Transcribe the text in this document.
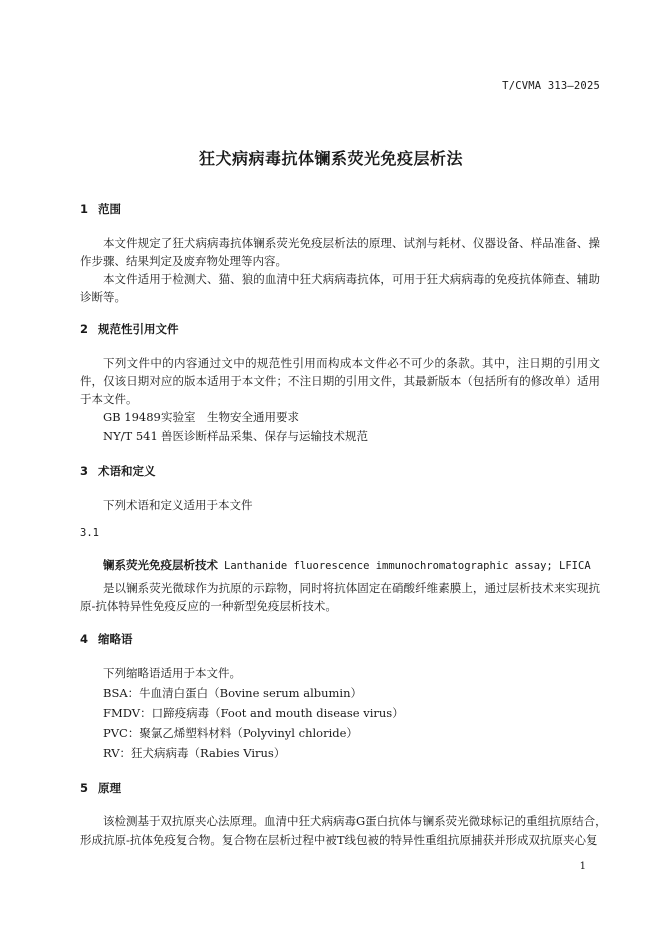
T/CVMA 313—2025
狂犬病病毒抗体镧系荧光免疫层析法
1 范围
本文件规定了狂犬病病毒抗体镧系荧光免疫层析法的原理、试剂与耗材、仪器设备、样品准备、操作步骤、结果判定及废弃物处理等内容。
本文件适用于检测犬、猫、狼的血清中狂犬病病毒抗体，可用于狂犬病病毒的免疫抗体筛查、辅助诊断等。
2 规范性引用文件
下列文件中的内容通过文中的规范性引用而构成本文件必不可少的条款。其中，注日期的引用文件，仅该日期对应的版本适用于本文件；不注日期的引用文件，其最新版本（包括所有的修改单）适用于本文件。
GB 19489实验室　生物安全通用要求
NY/T 541 兽医诊断样品采集、保存与运输技术规范
3 术语和定义
下列术语和定义适用于本文件
3.1
镧系荧光免疫层析技术 Lanthanide fluorescence immunochromatographic assay; LFICA
是以镧系荧光微球作为抗原的示踪物，同时将抗体固定在硝酸纤维素膜上，通过层析技术来实现抗原-抗体特异性免疫反应的一种新型免疫层析技术。
4 缩略语
下列缩略语适用于本文件。
BSA：牛血清白蛋白（Bovine serum albumin）
FMDV：口蹄疫病毒（Foot and mouth disease virus）
PVC：聚氯乙烯塑料材料（Polyvinyl chloride）
RV：狂犬病病毒（Rabies Virus）
5 原理
该检测基于双抗原夹心法原理。血清中狂犬病病毒G蛋白抗体与镧系荧光微球标记的重组抗原结合，
形成抗原-抗体免疫复合物。复合物在层析过程中被T线包被的特异性重组抗原捕获并形成双抗原夹心复
1
